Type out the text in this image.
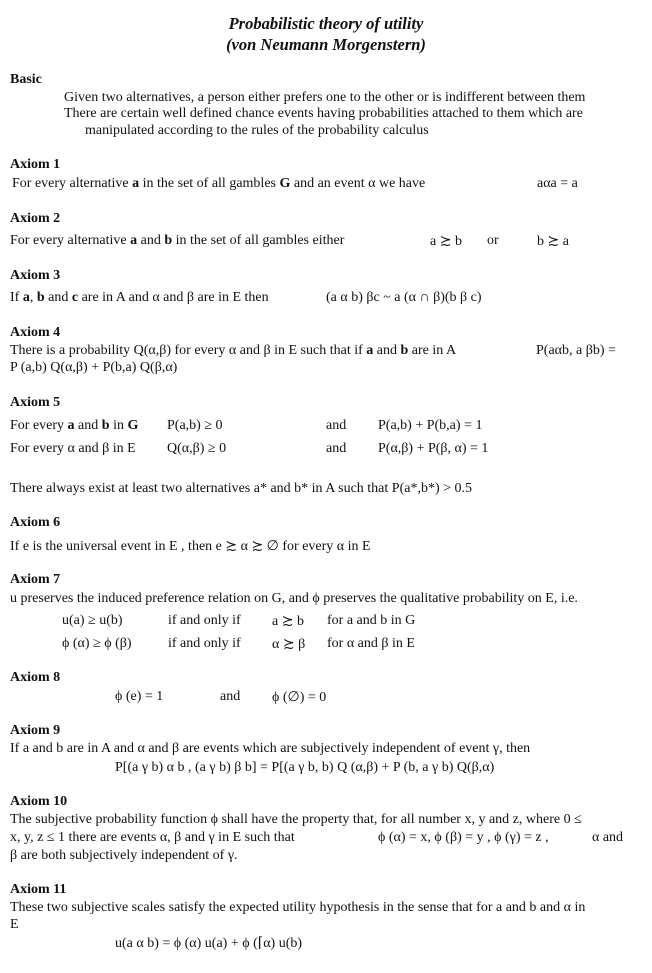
Probabilistic theory of utility
(von Neumann Morgenstern)
Basic
Given two alternatives, a person either prefers one to the other or is indifferent between them
There are certain well defined chance events having probabilities attached to them which are
manipulated according to the rules of the probability calculus
Axiom 1
For every alternative a in the set of all gambles G and an event α we have	aαa = a
Axiom 2
For every alternative a and b in the set of all gambles either	a ≿ b or	b ≿ a
Axiom 3
If a, b and c are in A and α and β are in E then	(a α b) βc ~ a (α ∩ β)(b β c)
Axiom 4
There is a probability Q(α,β) for every α and β in E such that if a and b are in A	P(aαb, a βb) =
P (a,b) Q(α,β) + P(b,a) Q(β,α)
Axiom 5
For every a and b in G P(a,b) ≥ 0	and P(a,b) + P(b,a) = 1
For every α and β in E Q(α,β) ≥ 0	and P(α,β) + P(β, α) = 1
There always exist at least two alternatives a* and b* in A such that P(a*,b*) > 0.5
Axiom 6
If e is the universal event in E , then e ≿ α ≿ ∅ for every α in E
Axiom 7
u preserves the induced preference relation on G, and ϕ preserves the qualitative probability on E, i.e.
u(a) ≥ u(b)	if and only if a ≿ b for a and b in G
ϕ (α) ≥ ϕ (β)	if and only if α ≿ β for α and β in E
Axiom 8
ϕ (e) = 1	and ϕ (∅) = 0
Axiom 9
If a and b are in A and α and β are events which are subjectively independent of event γ, then
P[(a γ b) α b , (a γ b) β b] = P[(a γ b, b) Q (α,β) + P (b, a γ b) Q(β,α)
Axiom 10
The subjective probability function ϕ shall have the property that, for all number x, y and z, where 0 ≤
x, y, z ≤ 1 there are events α, β and γ in E such that	ϕ (α) = x, ϕ (β) = y , ϕ (γ) = z ,	α and
β are both subjectively independent of γ.
Axiom 11
These two subjective scales satisfy the expected utility hypothesis in the sense that for a and b and α in
E
u(a α b) = ϕ (α) u(a) + ϕ (⌈α) u(b)
